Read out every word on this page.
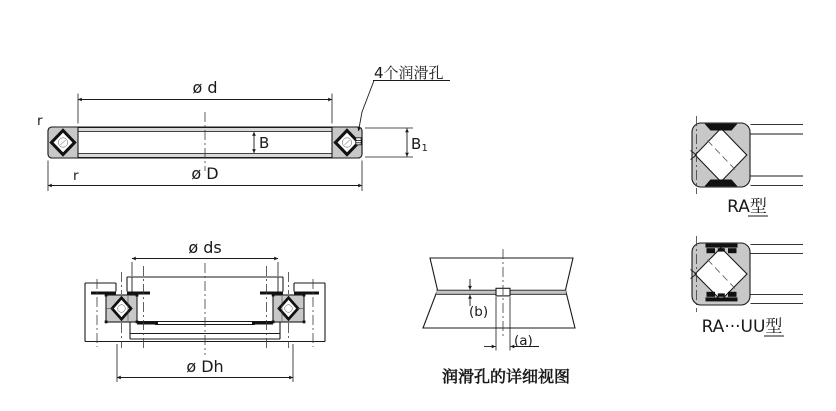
ø d
ø D
B	B 1
r
r
4个润滑孔
ø ds
ø Dh
(b)
(a)
润滑孔的详细视图
RA型
RA···UU型
